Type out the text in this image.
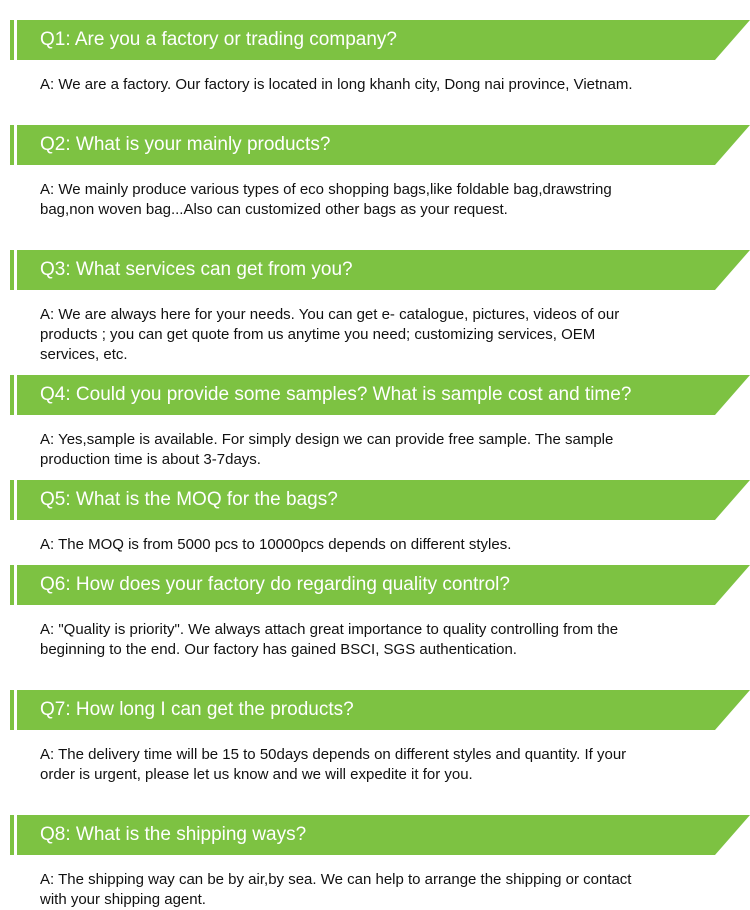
Q1: Are you a factory or trading company?
A: We are a factory. Our factory is located in long khanh city, Dong nai province, Vietnam.
Q2: What is your mainly products?
A: We mainly produce various types of eco shopping bags,like foldable bag,drawstring bag,non woven bag...Also can customized other bags as your request.
Q3: What services can get from you?
A: We are always here for your needs. You can get e- catalogue, pictures, videos of our products ; you can get quote from us anytime you need; customizing services, OEM services, etc.
Q4: Could you provide some samples? What is sample cost and time?
A: Yes,sample is available. For simply design we can provide free sample. The sample production time is about 3-7days.
Q5: What is the MOQ for the bags?
A: The MOQ is from 5000 pcs to 10000pcs depends on different styles.
Q6: How does your factory do regarding quality control?
A: "Quality is priority". We always attach great importance to quality controlling from the beginning to the end. Our factory has gained BSCI, SGS authentication.
Q7: How long I can get the products?
A: The delivery time will be 15 to 50days depends on different styles and quantity. If your order is urgent, please let us know and we will expedite it for you.
Q8: What is the shipping ways?
A: The shipping way can be by air,by sea. We can help to arrange the shipping or contact with your shipping agent.
